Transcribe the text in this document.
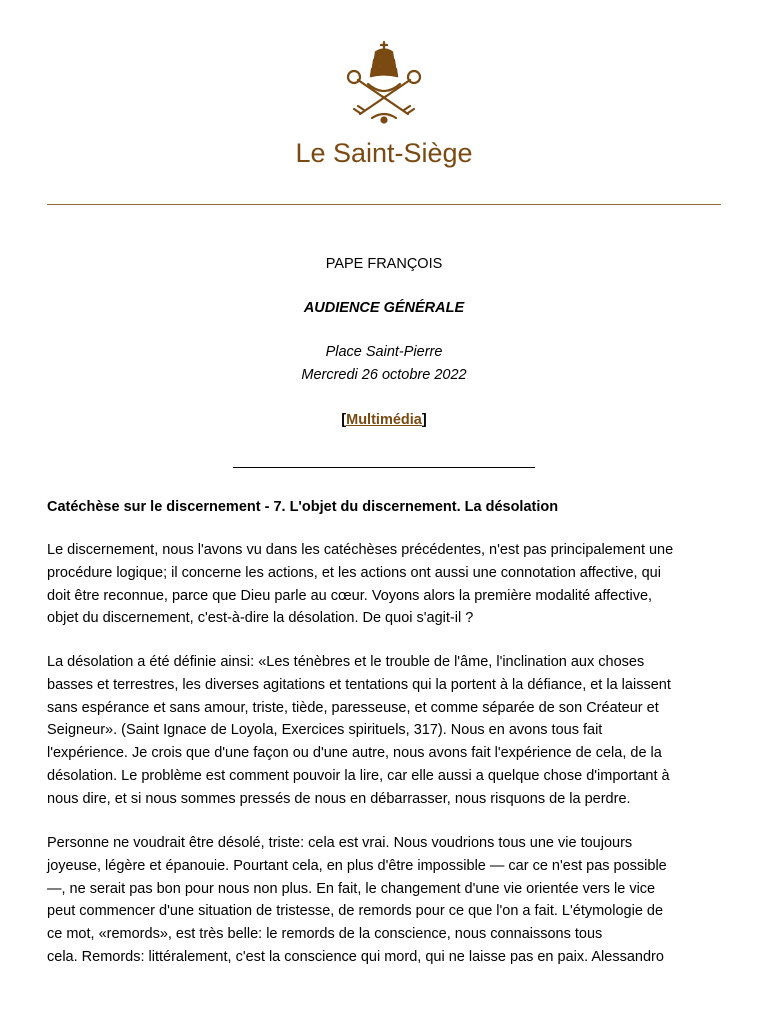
Le Saint-Siège
PAPE FRANÇOIS
AUDIENCE GÉNÉRALE
Place Saint-Pierre
Mercredi 26 octobre 2022
[Multimédia]
Catéchèse sur le discernement - 7. L'objet du discernement. La désolation
Le discernement, nous l'avons vu dans les catéchèses précédentes, n'est pas principalement une
procédure logique; il concerne les actions, et les actions ont aussi une connotation affective, qui
doit être reconnue, parce que Dieu parle au cœur. Voyons alors la première modalité affective,
objet du discernement, c'est-à-dire la désolation. De quoi s'agit-il ?
La désolation a été définie ainsi: «Les ténèbres et le trouble de l'âme, l'inclination aux choses
basses et terrestres, les diverses agitations et tentations qui la portent à la défiance, et la laissent
sans espérance et sans amour, triste, tiède, paresseuse, et comme séparée de son Créateur et
Seigneur». (Saint Ignace de Loyola, Exercices spirituels, 317). Nous en avons tous fait
l'expérience. Je crois que d'une façon ou d'une autre, nous avons fait l'expérience de cela, de la
désolation. Le problème est comment pouvoir la lire, car elle aussi a quelque chose d'important à
nous dire, et si nous sommes pressés de nous en débarrasser, nous risquons de la perdre.
Personne ne voudrait être désolé, triste: cela est vrai. Nous voudrions tous une vie toujours
joyeuse, légère et épanouie. Pourtant cela, en plus d'être impossible — car ce n'est pas possible
—, ne serait pas bon pour nous non plus. En fait, le changement d'une vie orientée vers le vice
peut commencer d'une situation de tristesse, de remords pour ce que l'on a fait. L'étymologie de
ce mot, «remords», est très belle: le remords de la conscience, nous connaissons tous
cela. Remords: littéralement, c'est la conscience qui mord, qui ne laisse pas en paix. Alessandro
